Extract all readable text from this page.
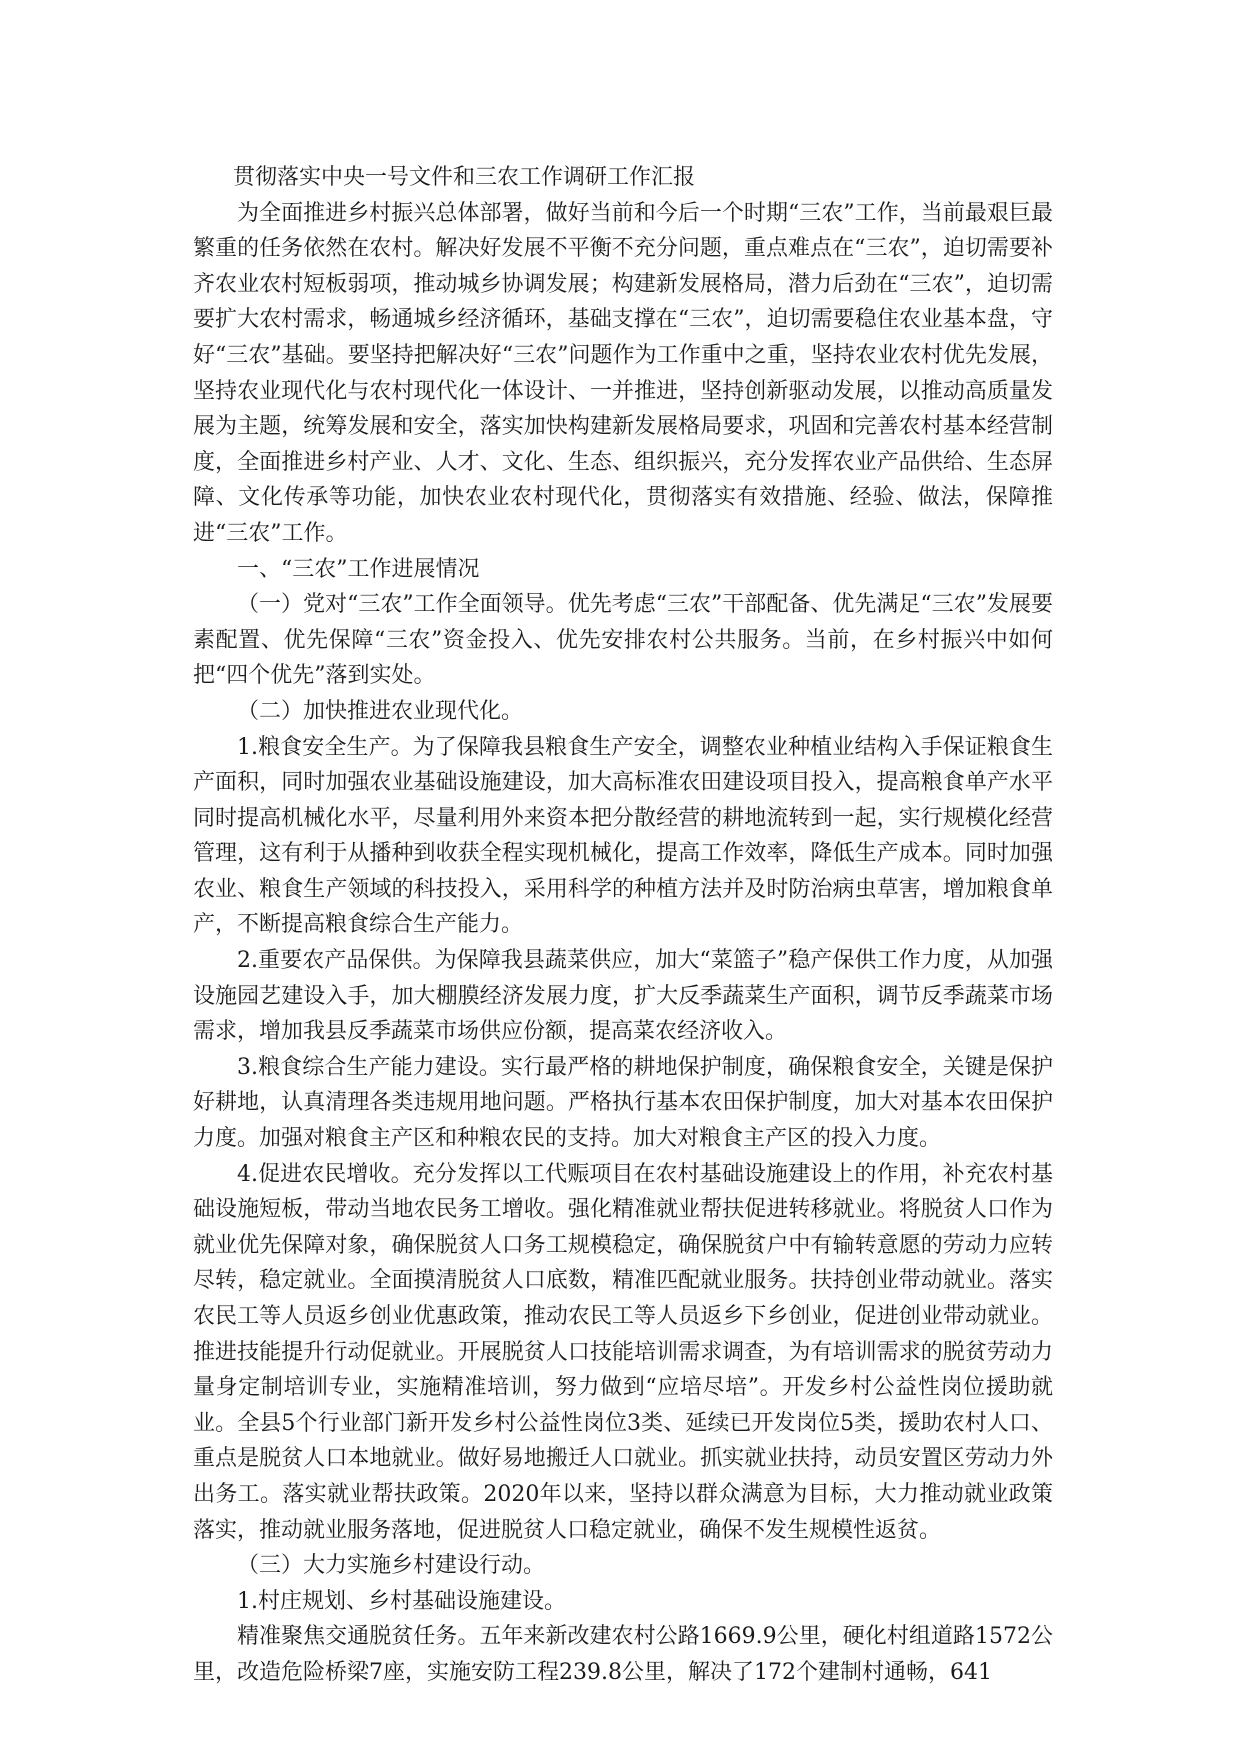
贯彻落实中央一号文件和三农工作调研工作汇报

为全面推进乡村振兴总体部署，做好当前和今后一个时期“三农”工作，当前最艰巨最繁重的任务依然在农村。解决好发展不平衡不充分问题，重点难点在“三农”，迫切需要补齐农业农村短板弱项，推动城乡协调发展；构建新发展格局，潜力后劲在“三农”，迫切需要扩大农村需求，畅通城乡经济循环，基础支撑在“三农”，迫切需要稳住农业基本盘，守好“三农”基础。要坚持把解决好“三农”问题作为工作重中之重，坚持农业农村优先发展，坚持农业现代化与农村现代化一体设计、一并推进，坚持创新驱动发展，以推动高质量发展为主题，统筹发展和安全，落实加快构建新发展格局要求，巩固和完善农村基本经营制度，全面推进乡村产业、人才、文化、生态、组织振兴，充分发挥农业产品供给、生态屏障、文化传承等功能，加快农业农村现代化，贯彻落实有效措施、经验、做法，保障推进“三农”工作。

一、“三农”工作进展情况

（一）党对“三农”工作全面领导。优先考虑“三农”干部配备、优先满足“三农”发展要素配置、优先保障“三农”资金投入、优先安排农村公共服务。当前，在乡村振兴中如何把“四个优先”落到实处。

（二）加快推进农业现代化。

1.粮食安全生产。为了保障我县粮食生产安全，调整农业种植业结构入手保证粮食生产面积，同时加强农业基础设施建设，加大高标准农田建设项目投入，提高粮食单产水平同时提高机械化水平，尽量利用外来资本把分散经营的耕地流转到一起，实行规模化经营管理，这有利于从播种到收获全程实现机械化，提高工作效率，降低生产成本。同时加强农业、粮食生产领域的科技投入，采用科学的种植方法并及时防治病虫草害，增加粮食单产，不断提高粮食综合生产能力。

2.重要农产品保供。为保障我县蔬菜供应，加大“菜篮子”稳产保供工作力度，从加强设施园艺建设入手，加大棚膜经济发展力度，扩大反季蔬菜生产面积，调节反季蔬菜市场需求，增加我县反季蔬菜市场供应份额，提高菜农经济收入。

3.粮食综合生产能力建设。实行最严格的耕地保护制度，确保粮食安全，关键是保护好耕地，认真清理各类违规用地问题。严格执行基本农田保护制度，加大对基本农田保护力度。加强对粮食主产区和种粮农民的支持。加大对粮食主产区的投入力度。

4.促进农民增收。充分发挥以工代赈项目在农村基础设施建设上的作用，补充农村基础设施短板，带动当地农民务工增收。强化精准就业帮扶促进转移就业。将脱贫人口作为就业优先保障对象，确保脱贫人口务工规模稳定，确保脱贫户中有输转意愿的劳动力应转尽转，稳定就业。全面摸清脱贫人口底数，精准匹配就业服务。扶持创业带动就业。落实农民工等人员返乡创业优惠政策，推动农民工等人员返乡下乡创业，促进创业带动就业。推进技能提升行动促就业。开展脱贫人口技能培训需求调查，为有培训需求的脱贫劳动力量身定制培训专业，实施精准培训，努力做到“应培尽培”。开发乡村公益性岗位援助就业。全县5个行业部门新开发乡村公益性岗位3类、延续已开发岗位5类，援助农村人口、重点是脱贫人口本地就业。做好易地搬迁人口就业。抓实就业扶持，动员安置区劳动力外出务工。落实就业帮扶政策。2020年以来，坚持以群众满意为目标，大力推动就业政策落实，推动就业服务落地，促进脱贫人口稳定就业，确保不发生规模性返贫。

（三）大力实施乡村建设行动。

1.村庄规划、乡村基础设施建设。

精准聚焦交通脱贫任务。五年来新改建农村公路1669.9公里，硬化村组道路1572公里，改造危险桥梁7座，实施安防工程239.8公里，解决了172个建制村通畅，641
